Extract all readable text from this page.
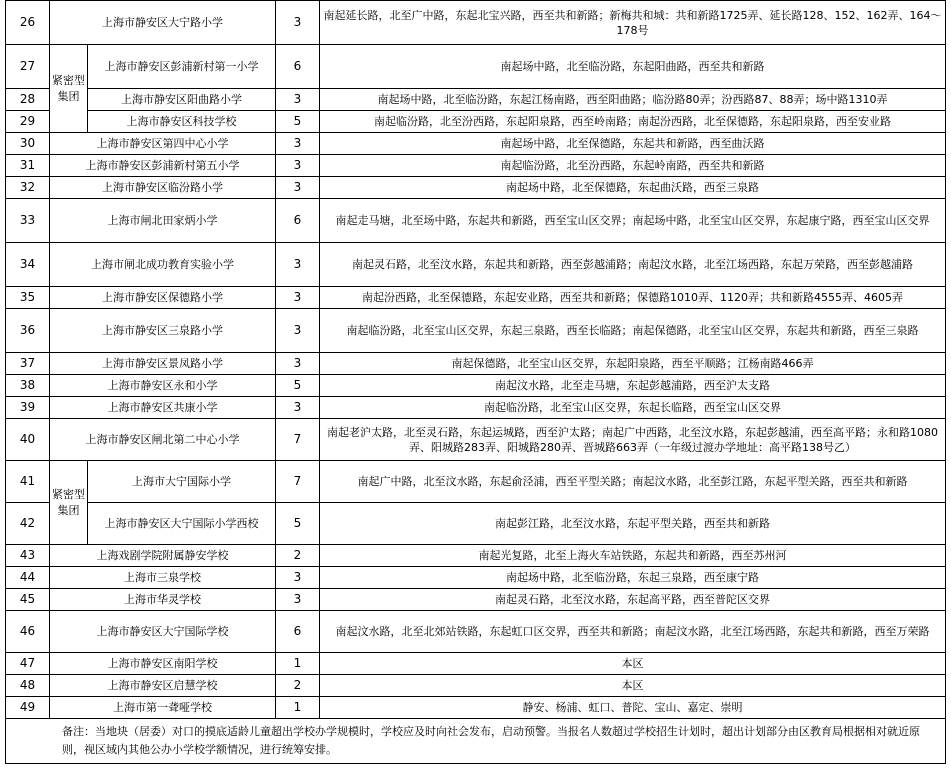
26	上海市静安区大宁路小学		3	南起延长路，北至广中路，东起北宝兴路，西至共和新路；新梅共和城：共和新路1725弄、延长路128、152、162弄、164～178号
27	紧密型集团	上海市静安区彭浦新村第一小学	6	南起场中路，北至临汾路，东起阳曲路，西至共和新路
28		上海市静安区阳曲路小学	3	南起场中路，北至临汾路，东起江杨南路，西至阳曲路；临汾路80弄；汾西路87、88弄；场中路1310弄
29		上海市静安区科技学校	5	南起临汾路，北至汾西路，东起阳泉路，西至岭南路；南起汾西路，北至保德路，东起阳泉路，西至安业路
30	上海市静安区第四中心小学		3	南起场中路，北至保德路，东起共和新路，西至曲沃路
31	上海市静安区彭浦新村第五小学		3	南起临汾路，北至汾西路，东起岭南路，西至共和新路
32	上海市静安区临汾路小学		3	南起场中路，北至保德路，东起曲沃路，西至三泉路
33	上海市闸北田家炳小学		6	南起走马塘，北至场中路，东起共和新路，西至宝山区交界；南起场中路，北至宝山区交界，东起康宁路，西至宝山区交界
34	上海市闸北成功教育实验小学		3	南起灵石路，北至汶水路，东起共和新路，西至彭越浦路；南起汶水路，北至江场西路，东起万荣路，西至彭越浦路
35	上海市静安区保德路小学		3	南起汾西路，北至保德路，东起安业路，西至共和新路；保德路1010弄、1120弄；共和新路4555弄、4605弄
36	上海市静安区三泉路小学		3	南起临汾路，北至宝山区交界，东起三泉路，西至长临路；南起保德路，北至宝山区交界，东起共和新路，西至三泉路
37	上海市静安区景凤路小学		3	南起保德路，北至宝山区交界，东起阳泉路，西至平顺路；江杨南路466弄
38	上海市静安区永和小学		5	南起汶水路，北至走马塘，东起彭越浦路，西至沪太支路
39	上海市静安区共康小学		3	南起临汾路，北至宝山区交界，东起长临路，西至宝山区交界
40	上海市静安区闸北第二中心小学		7	南起老沪太路，北至灵石路，东起运城路，西至沪太路；南起广中西路，北至汶水路，东起彭越浦，西至高平路；永和路1080弄、阳城路283弄、阳城路280弄、晋城路663弄（一年级过渡办学地址：高平路138号乙）
41	紧密型集团	上海市大宁国际小学	7	南起广中路，北至汶水路，东起俞泾浦，西至平型关路；南起汶水路，北至彭江路，东起平型关路，西至共和新路
42		上海市静安区大宁国际小学西校	5	南起彭江路，北至汶水路，东起平型关路，西至共和新路
43	上海戏剧学院附属静安学校		2	南起光复路，北至上海火车站铁路，东起共和新路，西至苏州河
44	上海市三泉学校		3	南起场中路，北至临汾路，东起三泉路，西至康宁路
45	上海市华灵学校		3	南起灵石路，北至汶水路，东起高平路，西至普陀区交界
46	上海市静安区大宁国际学校		6	南起汶水路，北至北郊站铁路，东起虹口区交界，西至共和新路；南起汶水路，北至江场西路，东起共和新路，西至万荣路
47	上海市静安区南阳学校		1	本区
48	上海市静安区启慧学校		2	本区
49	上海市第一聋哑学校		1	静安、杨浦、虹口、普陀、宝山、嘉定、崇明
备注：当地块（居委）对口的摸底适龄儿童超出学校办学规模时，学校应及时向社会发布，启动预警。当报名人数超过学校招生计划时，超出计划部分由区教育局根据相对就近原则，视区域内其他公办小学校学额情况，进行统筹安排。				
